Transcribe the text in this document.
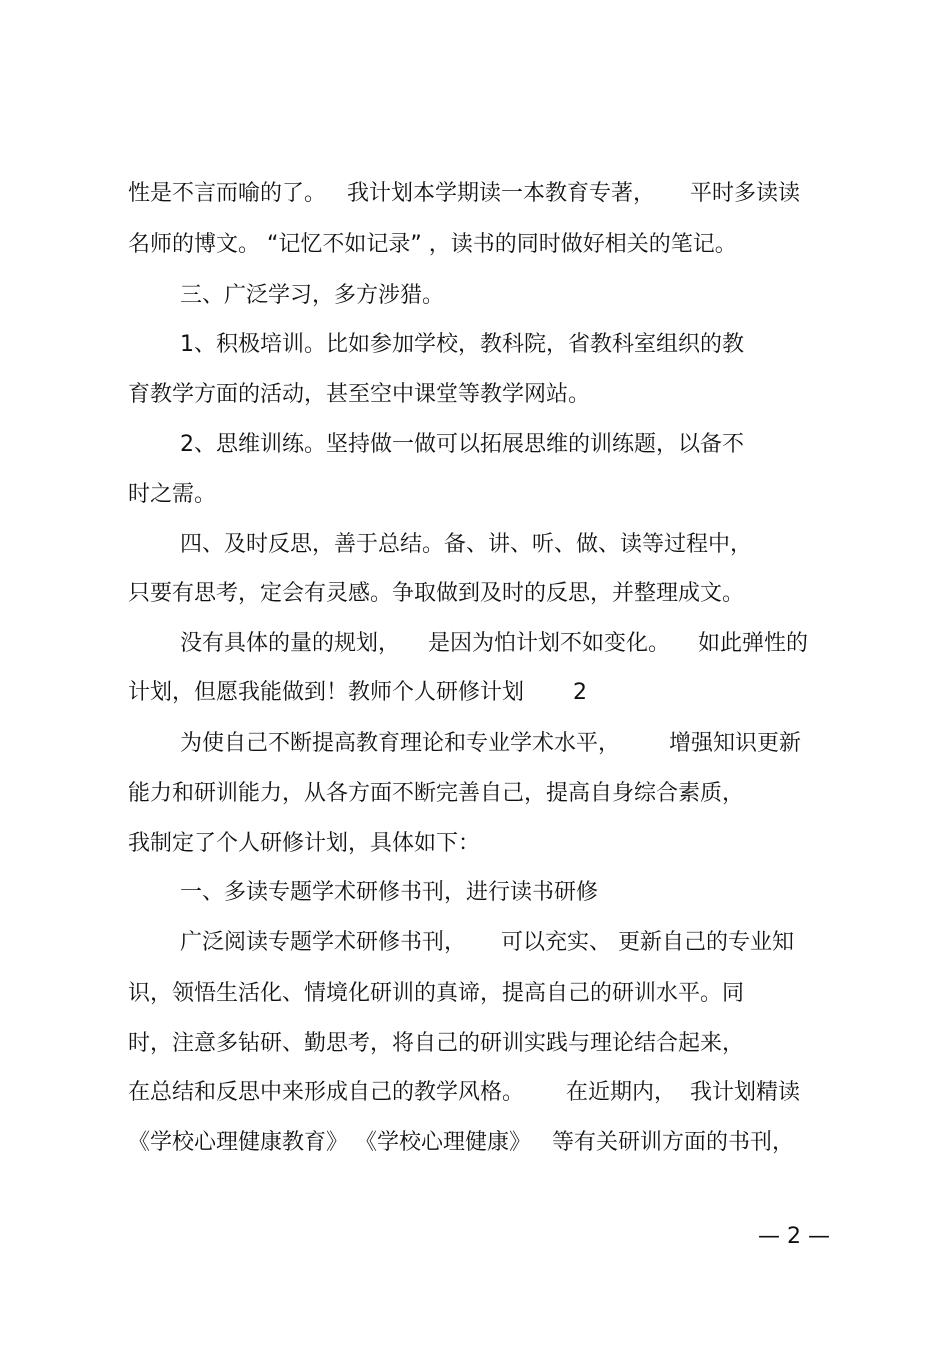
性是不言而喻的了。   我计划本学期读一本教育专著，     平时多读读
名师的博文。 “记忆不如记录” ，读书的同时做好相关的笔记。
三、广泛学习，多方涉猎。
1、积极培训。比如参加学校，教科院，省教科室组织的教
育教学方面的活动，甚至空中课堂等教学网站。
2、思维训练。坚持做一做可以拓展思维的训练题，以备不
时之需。
四、及时反思，善于总结。备、讲、听、做、读等过程中，
只要有思考，定会有灵感。争取做到及时的反思，并整理成文。
没有具体的量的规划，    是因为怕计划不如变化。    如此弹性的
计划，但愿我能做到！教师个人研修计划       2
为使自己不断提高教育理论和专业学术水平，       增强知识更新
能力和研训能力，从各方面不断完善自己，提高自身综合素质，
我制定了个人研修计划，具体如下：
一、多读专题学术研修书刊，进行读书研修
广泛阅读专题学术研修书刊，     可以充实、 更新自己的专业知
识，领悟生活化、情境化研训的真谛，提高自己的研训水平。同
时，注意多钻研、勤思考，将自己的研训实践与理论结合起来，
在总结和反思中来形成自己的教学风格。      在近期内，  我计划精读
《学校心理健康教育》 《学校心理健康》   等有关研训方面的书刊，
— 2 —
